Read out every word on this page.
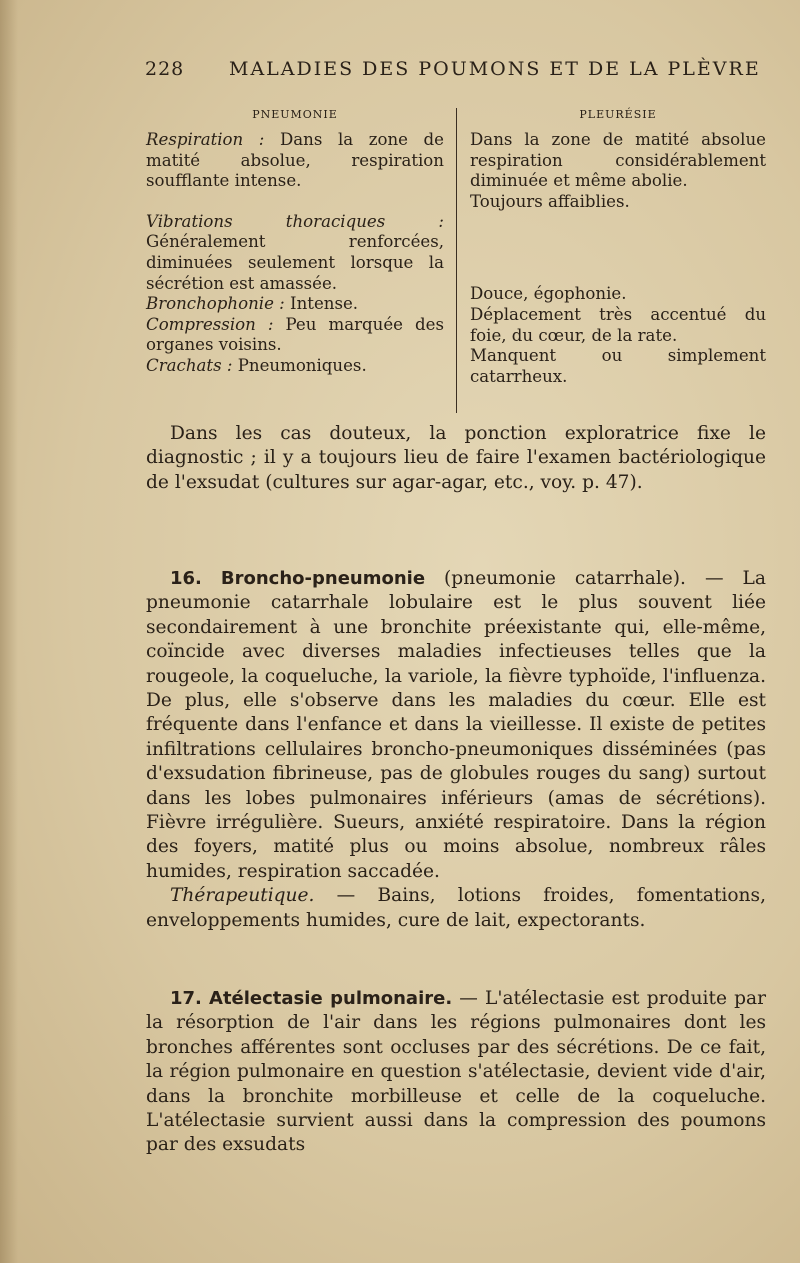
228 MALADIES DES POUMONS ET DE LA PLÈVRE
PNEUMONIE

Respiration : Dans la zone de matité absolue, respiration soufflante intense.

Vibrations thoraciques : Généralement renforcées, diminuées seulement lorsque la sécrétion est amassée.

Bronchophonie : Intense.

Compression : Peu marquée des organes voisins.

Crachats : Pneumoniques.

PLEURÉSIE

Dans la zone de matité absolue respiration considérablement diminuée et même abolie.

Toujours affaiblies.

Douce, égophonie.

Déplacement très accentué du foie, du cœur, de la rate.

Manquent ou simplement catarrheux.

Dans les cas douteux, la ponction exploratrice fixe le diagnostic ; il y a toujours lieu de faire l'examen bactériologique de l'exsudat (cultures sur agar-agar, etc., voy. p. 47).

16. Broncho-pneumonie (pneumonie catarrhale). — La pneumonie catarrhale lobulaire est le plus souvent liée secondairement à une bronchite préexistante qui, elle-même, coïncide avec diverses maladies infectieuses telles que la rougeole, la coqueluche, la variole, la fièvre typhoïde, l'influenza. De plus, elle s'observe dans les maladies du cœur. Elle est fréquente dans l'enfance et dans la vieillesse. Il existe de petites infiltrations cellulaires broncho-pneumoniques disséminées (pas d'exsudation fibrineuse, pas de globules rouges du sang) surtout dans les lobes pulmonaires inférieurs (amas de sécrétions). Fièvre irrégulière. Sueurs, anxiété respiratoire. Dans la région des foyers, matité plus ou moins absolue, nombreux râles humides, respiration saccadée.

Thérapeutique. — Bains, lotions froides, fomentations, enveloppements humides, cure de lait, expectorants.

17. Atélectasie pulmonaire. — L'atélectasie est produite par la résorption de l'air dans les régions pulmonaires dont les bronches afférentes sont occluses par des sécrétions. De ce fait, la région pulmonaire en question s'atélectasie, devient vide d'air, dans la bronchite morbilleuse et celle de la coqueluche. L'atélectasie survient aussi dans la compression des poumons par des exsudats
